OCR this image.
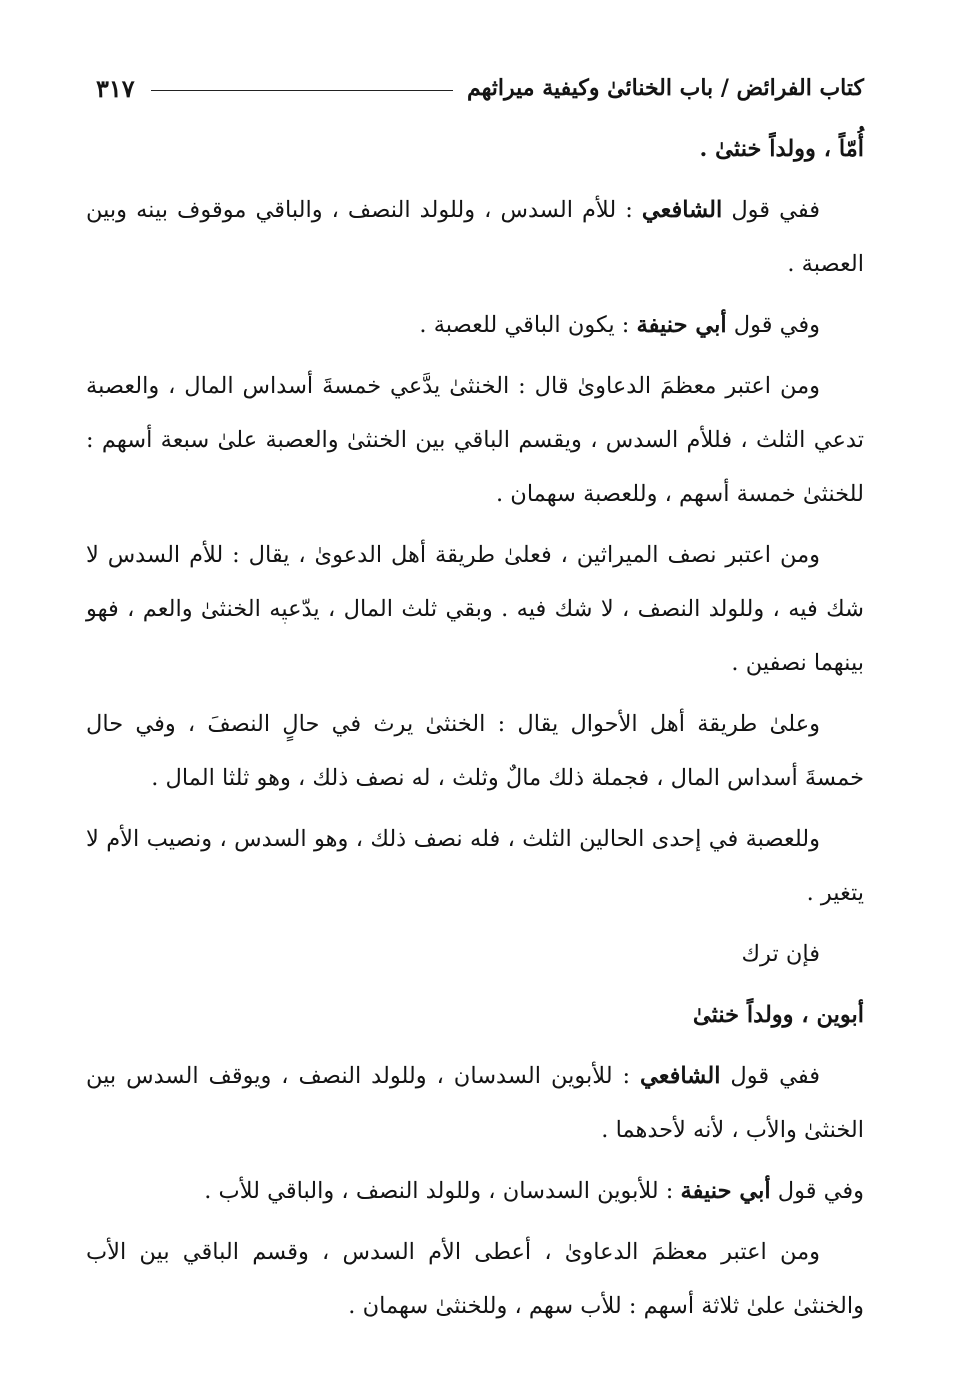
كتاب الفرائض / باب الخنائىٰ وكيفية ميراثهم
٣١٧

أُمّاً ، وولداً خنثىٰ .

ففي قول الشافعي : للأم السدس ، وللولد النصف ، والباقي موقوف بينه وبين العصبة .

وفي قول أبي حنيفة : يكون الباقي للعصبة .

ومن اعتبر معظمَ الدعاوىٰ قال : الخنثىٰ يدَّعي خمسةَ أسداس المال ، والعصبة تدعي الثلث ، فللأم السدس ، ويقسم الباقي بين الخنثىٰ والعصبة علىٰ سبعة أسهم : للخنثىٰ خمسة أسهم ، وللعصبة سهمان .

ومن اعتبر نصف الميراثين ، فعلىٰ طريقة أهل الدعوىٰ ، يقال : للأم السدس لا شك فيه ، وللولد النصف ، لا شك فيه . وبقي ثلث المال ، يدّعيه الخنثىٰ والعم ، فهو بينهما نصفين .

وعلىٰ طريقة أهل الأحوال يقال : الخنثىٰ يرث في حالٍ النصفَ ، وفي حال خمسةَ أسداس المال ، فجملة ذلك مالٌ وثلث ، له نصف ذلك ، وهو ثلثا المال .

وللعصبة في إحدى الحالين الثلث ، فله نصف ذلك ، وهو السدس ، ونصيب الأم لا يتغير .

فإن ترك

أبوين ، وولداً خنثىٰ

ففي قول الشافعي : للأبوين السدسان ، وللولد النصف ، ويوقف السدس بين الخنثىٰ والأب ، لأنه لأحدهما .

وفي قول أبي حنيفة : للأبوين السدسان ، وللولد النصف ، والباقي للأب .

ومن اعتبر معظمَ الدعاوىٰ ، أعطى الأم السدس ، وقسم الباقي بين الأب والخنثىٰ علىٰ ثلاثة أسهم : للأب سهم ، وللخنثىٰ سهمان .
